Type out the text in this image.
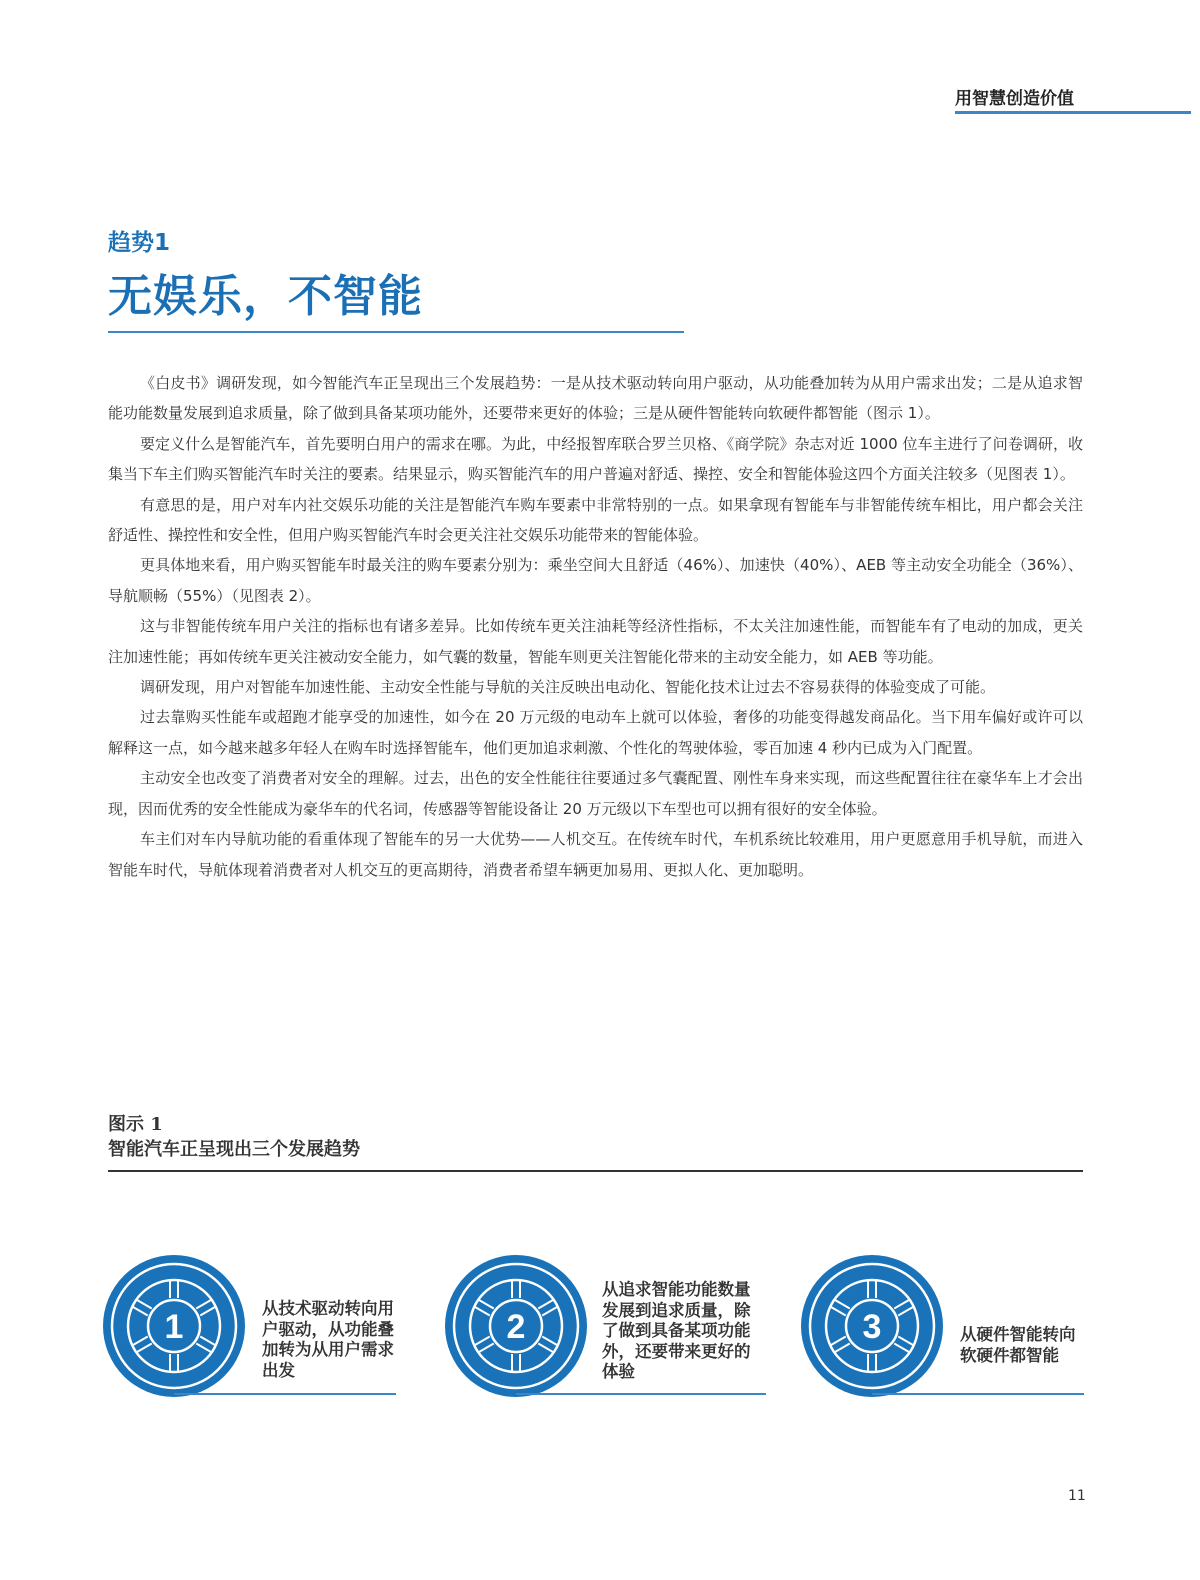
用智慧创造价值
趋势1
无娱乐，不智能

《白皮书》调研发现，如今智能汽车正呈现出三个发展趋势：一是从技术驱动转向用户驱动，从功能叠加转为从用户需求出发；二是从追求智能功能数量发展到追求质量，除了做到具备某项功能外，还要带来更好的体验；三是从硬件智能转向软硬件都智能（图示 1）。

要定义什么是智能汽车，首先要明白用户的需求在哪。为此，中经报智库联合罗兰贝格、《商学院》杂志对近 1000 位车主进行了问卷调研，收集当下车主们购买智能汽车时关注的要素。结果显示，购买智能汽车的用户普遍对舒适、操控、安全和智能体验这四个方面关注较多（见图表 1）。

有意思的是，用户对车内社交娱乐功能的关注是智能汽车购车要素中非常特别的一点。如果拿现有智能车与非智能传统车相比，用户都会关注舒适性、操控性和安全性，但用户购买智能汽车时会更关注社交娱乐功能带来的智能体验。

更具体地来看，用户购买智能车时最关注的购车要素分别为：乘坐空间大且舒适（46%）、加速快（40%）、AEB 等主动安全功能全（36%）、导航顺畅（55%）（见图表 2）。

这与非智能传统车用户关注的指标也有诸多差异。比如传统车更关注油耗等经济性指标，不太关注加速性能，而智能车有了电动的加成，更关注加速性能；再如传统车更关注被动安全能力，如气囊的数量，智能车则更关注智能化带来的主动安全能力，如 AEB 等功能。

调研发现，用户对智能车加速性能、主动安全性能与导航的关注反映出电动化、智能化技术让过去不容易获得的体验变成了可能。

过去靠购买性能车或超跑才能享受的加速性，如今在 20 万元级的电动车上就可以体验，奢侈的功能变得越发商品化。当下用车偏好或许可以解释这一点，如今越来越多年轻人在购车时选择智能车，他们更加追求刺激、个性化的驾驶体验，零百加速 4 秒内已成为入门配置。

主动安全也改变了消费者对安全的理解。过去，出色的安全性能往往要通过多气囊配置、刚性车身来实现，而这些配置往往在豪华车上才会出现，因而优秀的安全性能成为豪华车的代名词，传感器等智能设备让 20 万元级以下车型也可以拥有很好的安全体验。

车主们对车内导航功能的看重体现了智能车的另一大优势——人机交互。在传统车时代，车机系统比较难用，用户更愿意用手机导航，而进入智能车时代，导航体现着消费者对人机交互的更高期待，消费者希望车辆更加易用、更拟人化、更加聪明。

图示 1
智能汽车正呈现出三个发展趋势
1	从技术驱动转向用户驱动，从功能叠加转为从用户需求出发
2
从追求智能功能数量发展到追求质量，除了做到具备某项功能外，还要带来更好的体验
3	从硬件智能转向软硬件都智能
11
